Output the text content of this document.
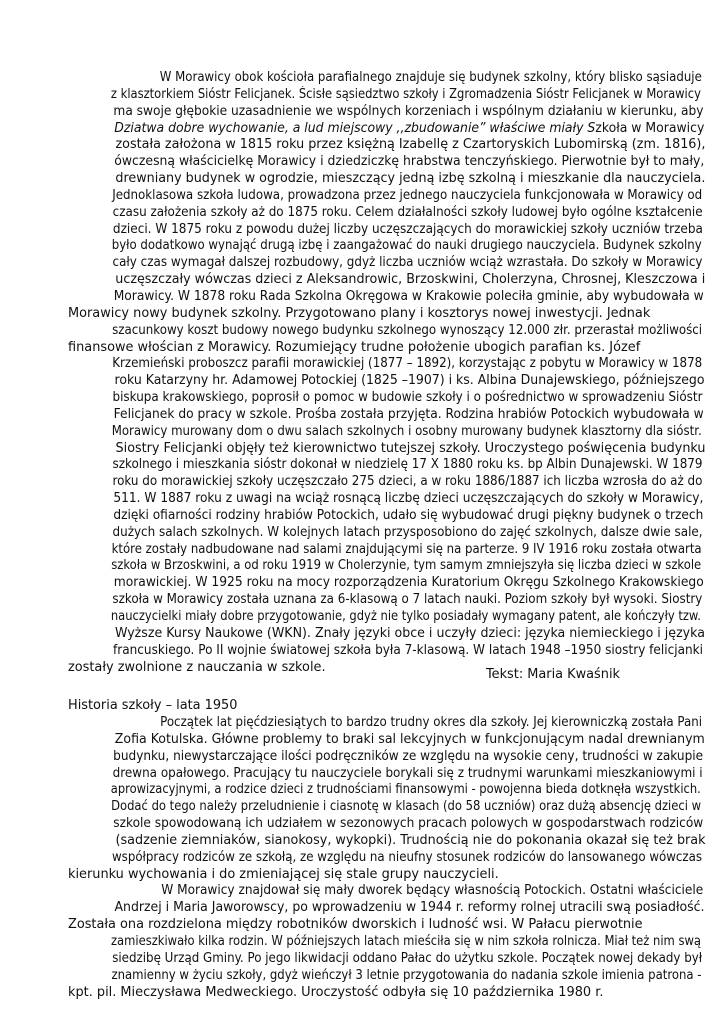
W Morawicy obok kościoła parafialnego znajduje się budynek szkolny, który blisko sąsiaduje
z klasztorkiem Sióstr Felicjanek. Ścisłe sąsiedztwo szkoły i Zgromadzenia Sióstr Felicjanek w Morawicy
ma swoje głębokie uzasadnienie we wspólnych korzeniach i wspólnym działaniu w kierunku, aby
Dziatwa dobre wychowanie, a lud miejscowy ,,zbudowanie” właściwe miały Szkoła w Morawicy
została założona w 1815 roku przez księżną Izabellę z Czartoryskich Lubomirską (zm. 1816),
ówczesną właścicielkę Morawicy i dziedziczkę hrabstwa tenczyńskiego. Pierwotnie był to mały,
drewniany budynek w ogrodzie, mieszczący jedną izbę szkolną i mieszkanie dla nauczyciela.
Jednoklasowa szkoła ludowa, prowadzona przez jednego nauczyciela funkcjonowała w Morawicy od
czasu założenia szkoły aż do 1875 roku. Celem działalności szkoły ludowej było ogólne kształcenie
dzieci. W 1875 roku z powodu dużej liczby uczęszczających do morawickiej szkoły uczniów trzeba
było dodatkowo wynająć drugą izbę i zaangażować do nauki drugiego nauczyciela. Budynek szkolny
cały czas wymagał dalszej rozbudowy, gdyż liczba uczniów wciąż wzrastała. Do szkoły w Morawicy
uczęszczały wówczas dzieci z Aleksandrowic, Brzoskwini, Cholerzyna, Chrosnej, Kleszczowa i
Morawicy. W 1878 roku Rada Szkolna Okręgowa w Krakowie poleciła gminie, aby wybudowała w
Morawicy nowy budynek szkolny. Przygotowano plany i kosztorys nowej inwestycji. Jednak
szacunkowy koszt budowy nowego budynku szkolnego wynoszący 12.000 złr. przerastał możliwości
finansowe włościan z Morawicy. Rozumiejący trudne położenie ubogich parafian ks. Józef
Krzemieński proboszcz parafii morawickiej (1877 – 1892), korzystając z pobytu w Morawicy w 1878
roku Katarzyny hr. Adamowej Potockiej (1825 –1907) i ks. Albina Dunajewskiego, późniejszego
biskupa krakowskiego, poprosił o pomoc w budowie szkoły i o pośrednictwo w sprowadzeniu Sióstr
Felicjanek do pracy w szkole. Prośba została przyjęta. Rodzina hrabiów Potockich wybudowała w
Morawicy murowany dom o dwu salach szkolnych i osobny murowany budynek klasztorny dla sióstr.
Siostry Felicjanki objęły też kierownictwo tutejszej szkoły. Uroczystego poświęcenia budynku
szkolnego i mieszkania sióstr dokonał w niedzielę 17 X 1880 roku ks. bp Albin Dunajewski. W 1879
roku do morawickiej szkoły uczęszczało 275 dzieci, a w roku 1886/1887 ich liczba wzrosła do aż do
511. W 1887 roku z uwagi na wciąż rosnącą liczbę dzieci uczęszczających do szkoły w Morawicy,
dzięki ofiarności rodziny hrabiów Potockich, udało się wybudować drugi piękny budynek o trzech
dużych salach szkolnych. W kolejnych latach przysposobiono do zajęć szkolnych, dalsze dwie sale,
które zostały nadbudowane nad salami znajdującymi się na parterze. 9 IV 1916 roku została otwarta
szkoła w Brzoskwini, a od roku 1919 w Cholerzynie, tym samym zmniejszyła się liczba dzieci w szkole
morawickiej. W 1925 roku na mocy rozporządzenia Kuratorium Okręgu Szkolnego Krakowskiego
szkoła w Morawicy została uznana za 6-klasową o 7 latach nauki. Poziom szkoły był wysoki. Siostry
nauczycielki miały dobre przygotowanie, gdyż nie tylko posiadały wymagany patent, ale kończyły tzw.
Wyższe Kursy Naukowe (WKN). Znały języki obce i uczyły dzieci: języka niemieckiego i języka
francuskiego. Po II wojnie światowej szkoła była 7-klasową. W latach 1948 –1950 siostry felicjanki
zostały zwolnione z nauczania w szkole.	Tekst: Maria Kwaśnik
Historia szkoły – lata 1950

Początek lat pięćdziesiątych to bardzo trudny okres dla szkoły. Jej kierowniczką została Pani
Zofia Kotulska. Główne problemy to braki sal lekcyjnych w funkcjonującym nadal drewnianym
budynku, niewystarczające ilości podręczników ze względu na wysokie ceny, trudności w zakupie
drewna opałowego. Pracujący tu nauczyciele borykali się z trudnymi warunkami mieszkaniowymi i
aprowizacyjnymi, a rodzice dzieci z trudnościami finansowymi - powojenna bieda dotknęła wszystkich.
Dodać do tego należy przeludnienie i ciasnotę w klasach (do 58 uczniów) oraz dużą absencję dzieci w
szkole spowodowaną ich udziałem w sezonowych pracach polowych w gospodarstwach rodziców
(sadzenie ziemniaków, sianokosy, wykopki). Trudnością nie do pokonania okazał się też brak
współpracy rodziców ze szkołą, ze względu na nieufny stosunek rodziców do lansowanego wówczas
kierunku wychowania i do zmieniającej się stale grupy nauczycieli.

W Morawicy znajdował się mały dworek będący własnością Potockich. Ostatni właściciele
Andrzej i Maria Jaworowscy, po wprowadzeniu w 1944 r. reformy rolnej utracili swą posiadłość.
Została ona rozdzielona między robotników dworskich i ludność wsi. W Pałacu pierwotnie
zamieszkiwało kilka rodzin. W późniejszych latach mieściła się w nim szkoła rolnicza. Miał też nim swą
siedzibę Urząd Gminy. Po jego likwidacji oddano Pałac do użytku szkole. Początek nowej dekady był
znamienny w życiu szkoły, gdyż wieńczył 3 letnie przygotowania do nadania szkole imienia patrona -
kpt. pil. Mieczysława Medweckiego. Uroczystość odbyła się 10 października 1980 r.
